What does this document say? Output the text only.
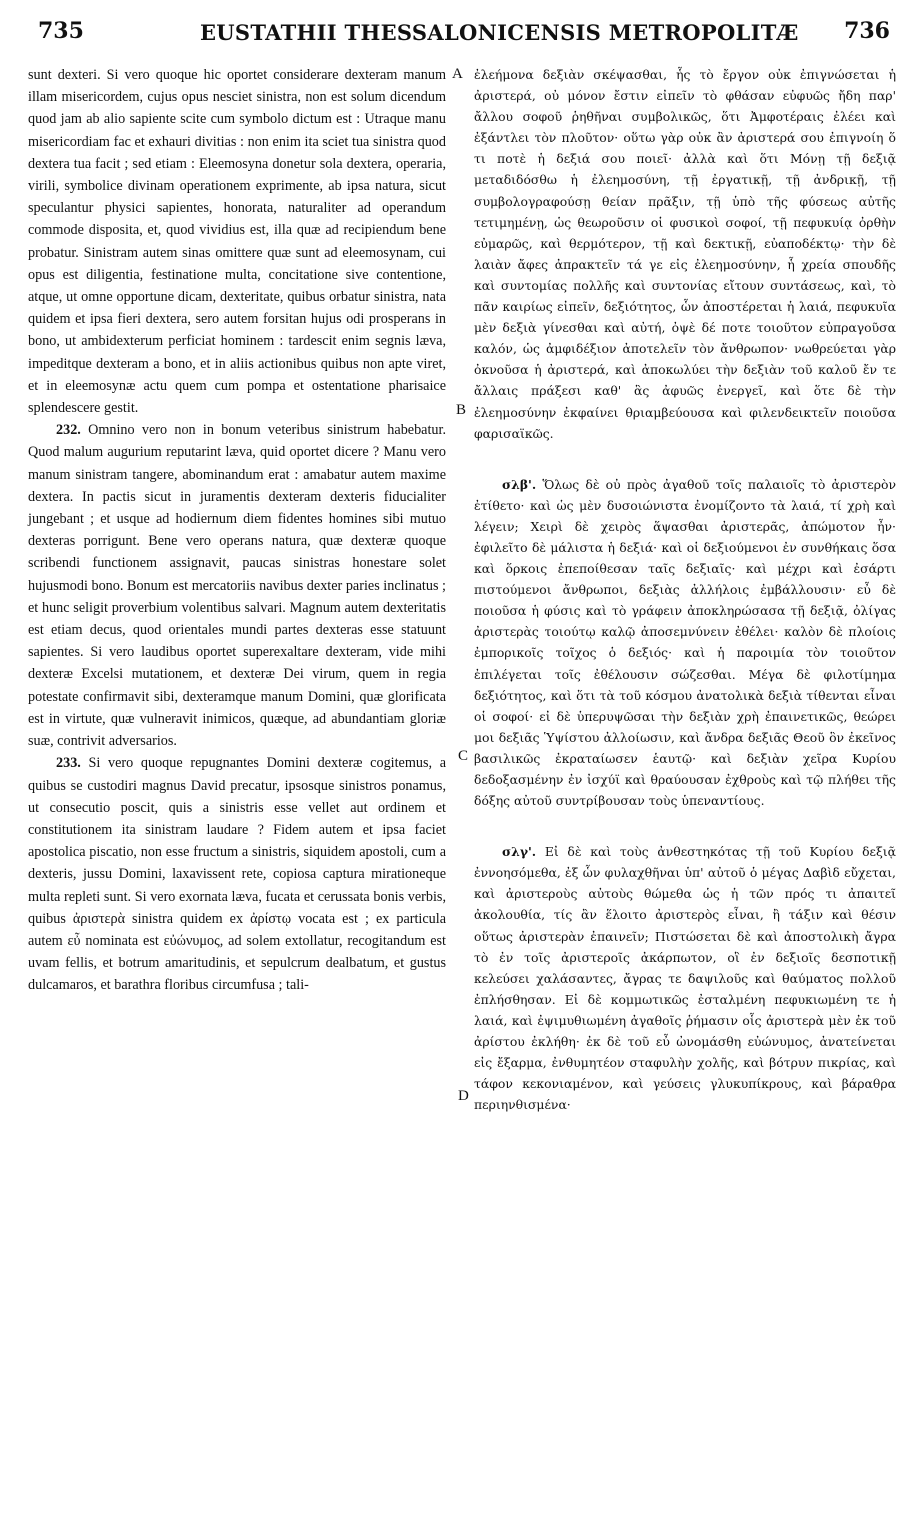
735	EUSTATHII THESSALONICENSIS METROPOLITÆ 736
A
B
C
D

sunt dexteri. Si vero quoque hic oportet considerare dexteram manum illam misericordem, cujus opus nesciet sinistra, non est solum dicendum quod jam ab alio sapiente scite cum symbolo dictum est : Utraque manu misericordiam fac et exhauri divitias : non enim ita sciet tua sinistra quod dextera tua facit ; sed etiam : Eleemosyna donetur sola dextera, operaria, virili, symbolice divinam operationem exprimente, ab ipsa natura, sicut speculantur physici sapientes, honorata, naturaliter ad operandum commode disposita, et, quod vividius est, illa quæ ad recipiendum bene probatur. Sinistram autem sinas omittere quæ sunt ad eleemosynam, cui opus est diligentia, festinatione multa, concitatione sive contentione, atque, ut omne opportune dicam, dexteritate, quibus orbatur sinistra, nata quidem et ipsa fieri dextera, sero autem forsitan hujus odi prosperans in bono, ut ambidexterum perficiat hominem : tardescit enim segnis læva, impeditque dexteram a bono, et in aliis actionibus quibus non apte viret, et in eleemosynæ actu quem cum pompa et ostentatione pharisaice splendescere gestit.

232. Omnino vero non in bonum veteribus sinistrum habebatur. Quod malum augurium reputarint læva, quid oportet dicere ? Manu vero manum sinistram tangere, abominandum erat : amabatur autem maxime dextera. In pactis sicut in juramentis dexteram dexteris fiducialiter jungebant ; et usque ad hodiernum diem fidentes homines sibi mutuo dexteras porrigunt. Bene vero operans natura, quæ dexteræ quoque scribendi functionem assignavit, paucas sinistras honestare solet hujusmodi bono. Bonum est mercatoriis navibus dexter paries inclinatus ; et hunc seligit proverbium volentibus salvari. Magnum autem dexteritatis est etiam decus, quod orientales mundi partes dexteras esse statuunt sapientes. Si vero laudibus oportet superexaltare dexteram, vide mihi dexteræ Excelsi mutationem, et dexteræ Dei virum, quem in regia potestate confirmavit sibi, dexteramque manum Domini, quæ glorificata est in virtute, quæ vulneravit inimicos, quæque, ad abundantiam gloriæ suæ, contrivit adversarios.

233. Si vero quoque repugnantes Domini dexteræ cogitemus, a quibus se custodiri magnus David precatur, ipsosque sinistros ponamus, ut consecutio poscit, quis a sinistris esse vellet aut ordinem et constitutionem ita sinistram laudare ? Fidem autem et ipsa faciet apostolica piscatio, non esse fructum a sinistris, siquidem apostoli, cum a dexteris, jussu Domini, laxavissent rete, copiosa captura mirationeque multa repleti sunt. Si vero exornata læva, fucata et cerussata bonis verbis, quibus ἀριστερὰ sinistra quidem ex ἀρίστῳ vocata est ; ex particula autem εὖ nominata est εὐώνυμος, ad solem extollatur, recogitandum est uvam fellis, et botrum amaritudinis, et sepulcrum dealbatum, et gustus dulcamaros, et barathra floribus circumfusa ; tali-

ἐλεήμονα δεξιὰν σκέψασθαι, ἧς τὸ ἔργον οὐκ ἐπιγνώσεται ἡ ἀριστερά, οὐ μόνον ἔστιν εἰπεῖν τὸ φθάσαν εὐφυῶς ἤδη παρ' ἄλλου σοφοῦ ῥηθῆναι συμβολικῶς, ὅτι Ἀμφοτέραις ἐλέει καὶ ἐξάντλει τὸν πλοῦτον· οὕτω γὰρ οὐκ ἂν ἀριστερά σου ἐπιγνοίη ὅ τι ποτὲ ἡ δεξιά σου ποιεῖ· ἀλλὰ καὶ ὅτι Μόνῃ τῇ δεξιᾷ μεταδιδόσθω ἡ ἐλεημοσύνη, τῇ ἐργατικῇ, τῇ ἀνδρικῇ, τῇ συμβολογραφούσῃ θείαν πρᾶξιν, τῇ ὑπὸ τῆς φύσεως αὐτῆς τετιμημένῃ, ὡς θεωροῦσιν οἱ φυσικοὶ σοφοί, τῇ πεφυκυίᾳ ὀρθὴν εὐμαρῶς, καὶ θερμότερον, τῇ καὶ δεκτικῇ, εὐαποδέκτῳ· τὴν δὲ λαιὰν ἄφες ἀπρακτεῖν τά γε εἰς ἐλεημοσύνην, ἧ χρεία σπουδῆς καὶ συντομίας πολλῆς καὶ συντονίας εἴτουν συντάσεως, καὶ, τὸ πᾶν καιρίως εἰπεῖν, δεξιότητος, ὧν ἀποστέρεται ἡ λαιά, πεφυκυῖα μὲν δεξιὰ γίνεσθαι καὶ αὐτή, ὀψὲ δέ ποτε τοιοῦτον εὐπραγοῦσα καλόν, ὡς ἀμφιδέξιον ἀποτελεῖν τὸν ἄνθρωπον· νωθρεύεται γὰρ ὀκνοῦσα ἡ ἀριστερά, καὶ ἀποκωλύει τὴν δεξιὰν τοῦ καλοῦ ἔν τε ἄλλαις πράξεσι καθ' ἃς ἀφυῶς ἐνεργεῖ, καὶ ὅτε δὲ τὴν ἐλεημοσύνην ἐκφαίνει θριαμβεύουσα καὶ φιλενδεικτεῖν ποιοῦσα φαρισαϊκῶς.

σλβ'. Ὅλως δὲ οὐ πρὸς ἀγαθοῦ τοῖς παλαιοῖς τὸ ἀριστερὸν ἐτίθετο· καὶ ὡς μὲν δυσοιώνιστα ἐνομίζοντο τὰ λαιά, τί χρὴ καὶ λέγειν; Χειρὶ δὲ χειρὸς ἅψασθαι ἀριστερᾶς, ἀπώμοτον ἦν· ἐφιλεῖτο δὲ μάλιστα ἡ δεξιά· καὶ οἱ δεξιούμενοι ἐν συνθήκαις ὅσα καὶ ὅρκοις ἐπεποίθεσαν ταῖς δεξιαῖς· καὶ μέχρι καὶ ἐσάρτι πιστούμενοι ἄνθρωποι, δεξιὰς ἀλλήλοις ἐμβάλλουσιν· εὖ δὲ ποιοῦσα ἡ φύσις καὶ τὸ γράφειν ἀποκληρώσασα τῇ δεξιᾷ, ὀλίγας ἀριστερὰς τοιούτῳ καλῷ ἀποσεμνύνειν ἐθέλει· καλὸν δὲ πλοίοις ἐμπορικοῖς τοῖχος ὁ δεξιός· καὶ ἡ παροιμία τὸν τοιοῦτον ἐπιλέγεται τοῖς ἐθέλουσιν σώζεσθαι. Μέγα δὲ φιλοτίμημα δεξιότητος, καὶ ὅτι τὰ τοῦ κόσμου ἀνατολικὰ δεξιὰ τίθενται εἶναι οἱ σοφοί· εἰ δὲ ὑπερυψῶσαι τὴν δεξιὰν χρὴ ἐπαινετικῶς, θεώρει μοι δεξιᾶς Ὑψίστου ἀλλοίωσιν, καὶ ἄνδρα δεξιᾶς Θεοῦ ὃν ἐκεῖνος βασιλικῶς ἐκραταίωσεν ἑαυτῷ· καὶ δεξιὰν χεῖρα Κυρίου δεδοξασμένην ἐν ἰσχύϊ καὶ θραύουσαν ἐχθροὺς καὶ τῷ πλήθει τῆς δόξης αὐτοῦ συντρίβουσαν τοὺς ὑπεναντίους.

σλγ'. Εἰ δὲ καὶ τοὺς ἀνθεστηκότας τῇ τοῦ Κυρίου δεξιᾷ ἐννοησόμεθα, ἐξ ὧν φυλαχθῆναι ὑπ' αὐτοῦ ὁ μέγας Δαβὶδ εὔχεται, καὶ ἀριστεροὺς αὐτοὺς θώμεθα ὡς ἡ τῶν πρός τι ἀπαιτεῖ ἀκολουθία, τίς ἂν ἕλοιτο ἀριστερὸς εἶναι, ἢ τάξιν καὶ θέσιν οὕτως ἀριστερὰν ἐπαινεῖν; Πιστώσεται δὲ καὶ ἀποστολικὴ ἄγρα τὸ ἐν τοῖς ἀριστεροῖς ἀκάρπωτον, οἳ ἐν δεξιοῖς δεσποτικῇ κελεύσει χαλάσαντες, ἄγρας τε δαψιλοῦς καὶ θαύματος πολλοῦ ἐπλήσθησαν. Εἰ δὲ κομμωτικῶς ἐσταλμένη πεφυκιωμένη τε ἡ λαιά, καὶ ἐψιμυθιωμένη ἀγαθοῖς ῥήμασιν οἷς ἀριστερὰ μὲν ἐκ τοῦ ἀρίστου ἐκλήθη· ἐκ δὲ τοῦ εὖ ὠνομάσθη εὐώνυμος, ἀνατείνεται εἰς ἔξαρμα, ἐνθυμητέον σταφυλὴν χολῆς, καὶ βότρυν πικρίας, καὶ τάφον κεκονιαμένον, καὶ γεύσεις γλυκυπίκρους, καὶ βάραθρα περιηνθισμένα·
